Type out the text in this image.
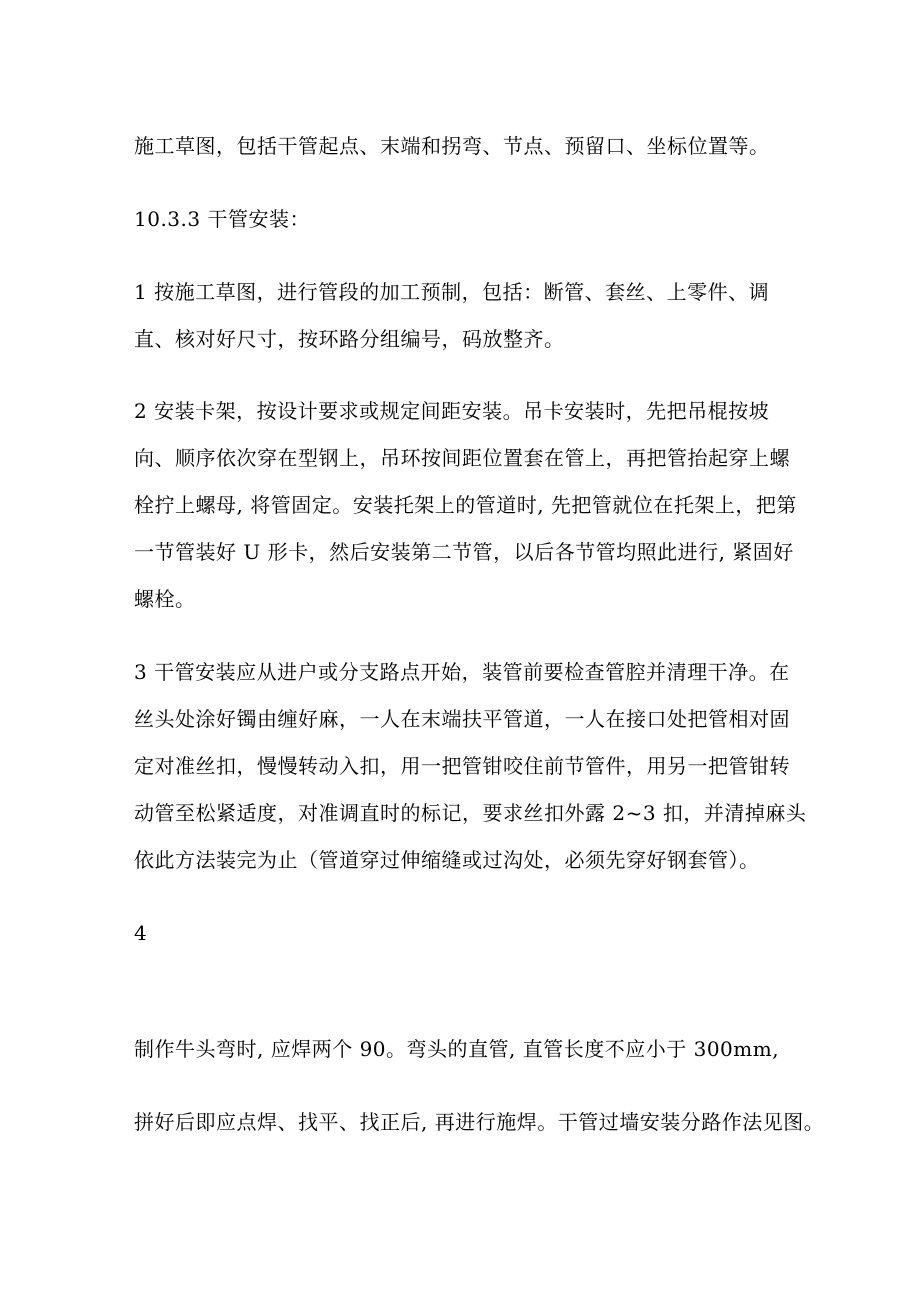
施工草图，包括干管起点、末端和拐弯、节点、预留口、坐标位置等。
10.3.3 干管安装：
1 按施工草图，进行管段的加工预制，包括：断管、套丝、上零件、调
直、核对好尺寸，按环路分组编号，码放整齐。
2 安装卡架，按设计要求或规定间距安装。吊卡安装时，先把吊棍按坡
向、顺序依次穿在型钢上，吊环按间距位置套在管上，再把管抬起穿上螺
栓拧上螺母, 将管固定。安装托架上的管道时, 先把管就位在托架上，把第
一节管装好 U 形卡，然后安装第二节管，以后各节管均照此进行, 紧固好
螺栓。
3 干管安装应从进户或分支路点开始，装管前要检查管腔并清理干净。在
丝头处涂好镯由缠好麻，一人在末端扶平管道，一人在接口处把管相对固
定对准丝扣，慢慢转动入扣，用一把管钳咬住前节管件，用另一把管钳转
动管至松紧适度，对准调直时的标记，要求丝扣外露 2~3 扣，并清掉麻头
依此方法装完为止（管道穿过伸缩缝或过沟处，必须先穿好钢套管）。
4
制作牛头弯时, 应焊两个 90。弯头的直管, 直管长度不应小于 300mm,
拼好后即应点焊、找平、找正后, 再进行施焊。干管过墙安装分路作法见图。
